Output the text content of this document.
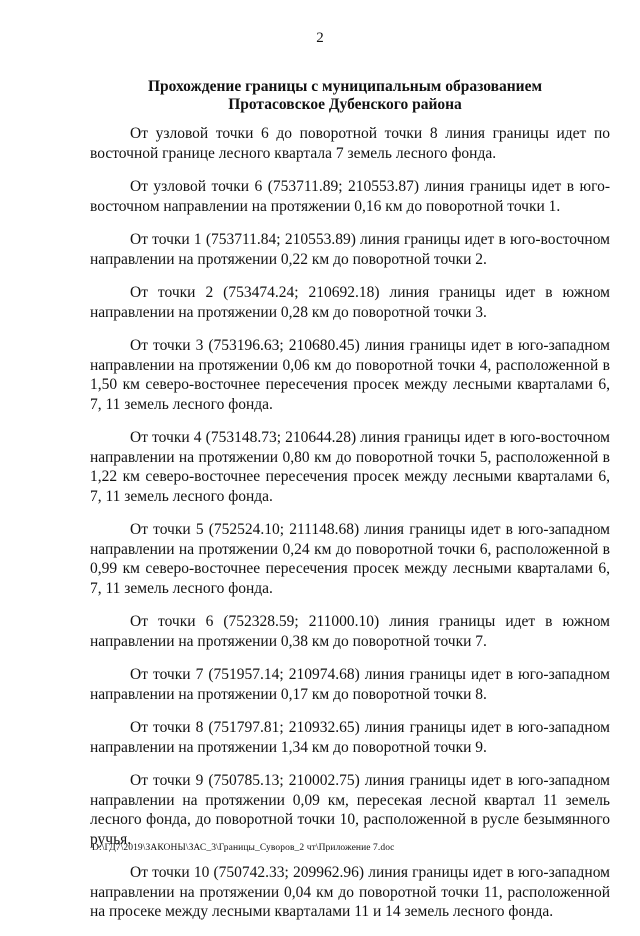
2
Прохождение границы с муниципальным образованием
Протасовское Дубенского района

От узловой точки 6 до поворотной точки 8 линия границы идет по восточной границе лесного квартала 7 земель лесного фонда.

От узловой точки 6 (753711.89; 210553.87) линия границы идет в юго-восточном направлении на протяжении 0,16 км до поворотной точки 1.

От точки 1 (753711.84; 210553.89) линия границы идет в юго-восточном направлении на протяжении 0,22 км до поворотной точки 2.

От точки 2 (753474.24; 210692.18) линия границы идет в южном направлении на протяжении 0,28 км до поворотной точки 3.

От точки 3 (753196.63; 210680.45) линия границы идет в юго-западном направлении на протяжении 0,06 км до поворотной точки 4, расположенной в 1,50 км северо-восточнее пересечения просек между лесными кварталами 6, 7, 11 земель лесного фонда.

От точки 4 (753148.73; 210644.28) линия границы идет в юго-восточном направлении на протяжении 0,80 км до поворотной точки 5, расположенной в 1,22 км северо-восточнее пересечения просек между лесными кварталами 6, 7, 11 земель лесного фонда.

От точки 5 (752524.10; 211148.68) линия границы идет в юго-западном направлении на протяжении 0,24 км до поворотной точки 6, расположенной в 0,99 км северо-восточнее пересечения просек между лесными кварталами 6, 7, 11 земель лесного фонда.

От точки 6 (752328.59; 211000.10) линия границы идет в южном направлении на протяжении 0,38 км до поворотной точки 7.

От точки 7 (751957.14; 210974.68) линия границы идет в юго-западном направлении на протяжении 0,17 км до поворотной точки 8.

От точки 8 (751797.81; 210932.65) линия границы идет в юго-западном направлении на протяжении 1,34 км до поворотной точки 9.

От точки 9 (750785.13; 210002.75) линия границы идет в юго-западном направлении на протяжении 0,09 км, пересекая лесной квартал 11 земель лесного фонда, до поворотной точки 10, расположенной в русле безымянного ручья.

От точки 10 (750742.33; 209962.96) линия границы идет в юго-западном направлении на протяжении 0,04 км до поворотной точки 11, расположенной на просеке между лесными кварталами 11 и 14 земель лесного фонда.

D:\ГД7\2019\ЗАКОНЫ\ЗАС_3\Границы_Суворов_2 чт\Приложение 7.doc
